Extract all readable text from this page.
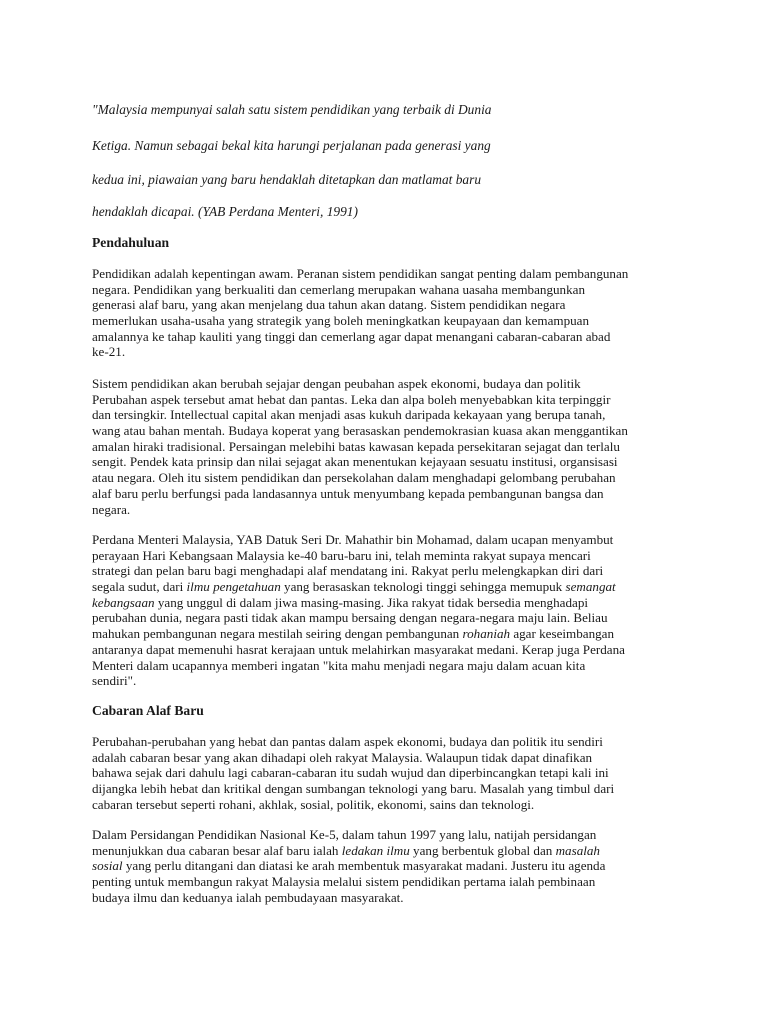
"Malaysia mempunyai salah satu sistem pendidikan yang terbaik di Dunia
Ketiga. Namun sebagai bekal kita harungi perjalanan pada generasi yang
kedua ini, piawaian yang baru hendaklah ditetapkan dan matlamat baru
hendaklah dicapai. (YAB Perdana Menteri, 1991)
Pendahuluan
Pendidikan adalah kepentingan awam. Peranan sistem pendidikan sangat penting dalam pembangunan
negara. Pendidikan yang berkualiti dan cemerlang merupakan wahana uasaha membangunkan
generasi alaf baru, yang akan menjelang dua tahun akan datang. Sistem pendidikan negara
memerlukan usaha-usaha yang strategik yang boleh meningkatkan keupayaan dan kemampuan
amalannya ke tahap kauliti yang tinggi dan cemerlang agar dapat menangani cabaran-cabaran abad
ke-21.
Sistem pendidikan akan berubah sejajar dengan peubahan aspek ekonomi, budaya dan politik
Perubahan aspek tersebut amat hebat dan pantas. Leka dan alpa boleh menyebabkan kita terpinggir
dan tersingkir. Intellectual capital akan menjadi asas kukuh daripada kekayaan yang berupa tanah,
wang atau bahan mentah. Budaya koperat yang berasaskan pendemokrasian kuasa akan menggantikan
amalan hiraki tradisional. Persaingan melebihi batas kawasan kepada persekitaran sejagat dan terlalu
sengit. Pendek kata prinsip dan nilai sejagat akan menentukan kejayaan sesuatu institusi, organsisasi
atau negara. Oleh itu sistem pendidikan dan persekolahan dalam menghadapi gelombang perubahan
alaf baru perlu berfungsi pada landasannya untuk menyumbang kepada pembangunan bangsa dan
negara.
Perdana Menteri Malaysia, YAB Datuk Seri Dr. Mahathir bin Mohamad, dalam ucapan menyambut
perayaan Hari Kebangsaan Malaysia ke-40 baru-baru ini, telah meminta rakyat supaya mencari
strategi dan pelan baru bagi menghadapi alaf mendatang ini. Rakyat perlu melengkapkan diri dari
segala sudut, dari ilmu pengetahuan yang berasaskan teknologi tinggi sehingga memupuk semangat
kebangsaan yang unggul di dalam jiwa masing-masing. Jika rakyat tidak bersedia menghadapi
perubahan dunia, negara pasti tidak akan mampu bersaing dengan negara-negara maju lain. Beliau
mahukan pembangunan negara mestilah seiring dengan pembangunan rohaniah agar keseimbangan
antaranya dapat memenuhi hasrat kerajaan untuk melahirkan masyarakat medani. Kerap juga Perdana
Menteri dalam ucapannya memberi ingatan "kita mahu menjadi negara maju dalam acuan kita
sendiri".
Cabaran Alaf Baru
Perubahan-perubahan yang hebat dan pantas dalam aspek ekonomi, budaya dan politik itu sendiri
adalah cabaran besar yang akan dihadapi oleh rakyat Malaysia. Walaupun tidak dapat dinafikan
bahawa sejak dari dahulu lagi cabaran-cabaran itu sudah wujud dan diperbincangkan tetapi kali ini
dijangka lebih hebat dan kritikal dengan sumbangan teknologi yang baru. Masalah yang timbul dari
cabaran tersebut seperti rohani, akhlak, sosial, politik, ekonomi, sains dan teknologi.
Dalam Persidangan Pendidikan Nasional Ke-5, dalam tahun 1997 yang lalu, natijah persidangan
menunjukkan dua cabaran besar alaf baru ialah ledakan ilmu yang berbentuk global dan masalah
sosial yang perlu ditangani dan diatasi ke arah membentuk masyarakat madani. Justeru itu agenda
penting untuk membangun rakyat Malaysia melalui sistem pendidikan pertama ialah pembinaan
budaya ilmu dan keduanya ialah pembudayaan masyarakat.
